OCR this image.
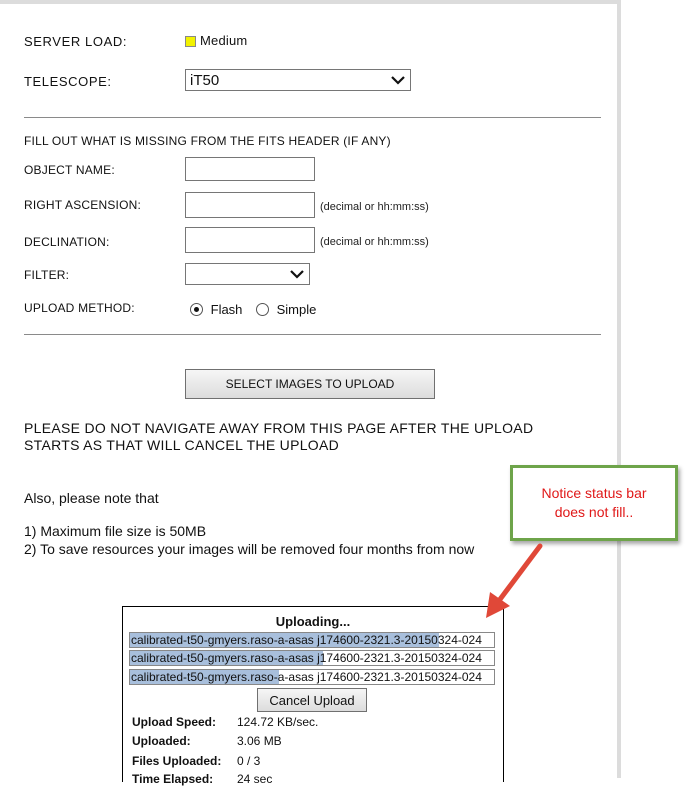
SERVER LOAD:	Medium
TELESCOPE:	iT50
FILL OUT WHAT IS MISSING FROM THE FITS HEADER (IF ANY)
OBJECT NAME:
RIGHT ASCENSION:	(decimal or hh:mm:ss)
DECLINATION:	(decimal or hh:mm:ss)
FILTER:
UPLOAD METHOD:	Flash	Simple
SELECT IMAGES TO UPLOAD
PLEASE DO NOT NAVIGATE AWAY FROM THIS PAGE AFTER THE UPLOAD STARTS AS THAT WILL CANCEL THE UPLOAD
Also, please note that
1) Maximum file size is 50MB
2) To save resources your images will be removed four months from now
Uploading...
calibrated-t50-gmyers.raso-a-asas j174600-2321.3-20150324-024
calibrated-t50-gmyers.raso-a-asas j174600-2321.3-20150324-024
calibrated-t50-gmyers.raso-a-asas j174600-2321.3-20150324-024
Cancel Upload
Upload Speed: 124.72 KB/sec.
Uploaded:	3.06 MB
Files Uploaded: 0 / 3
Time Elapsed: 24 sec
Notice status bar
does not fill..
